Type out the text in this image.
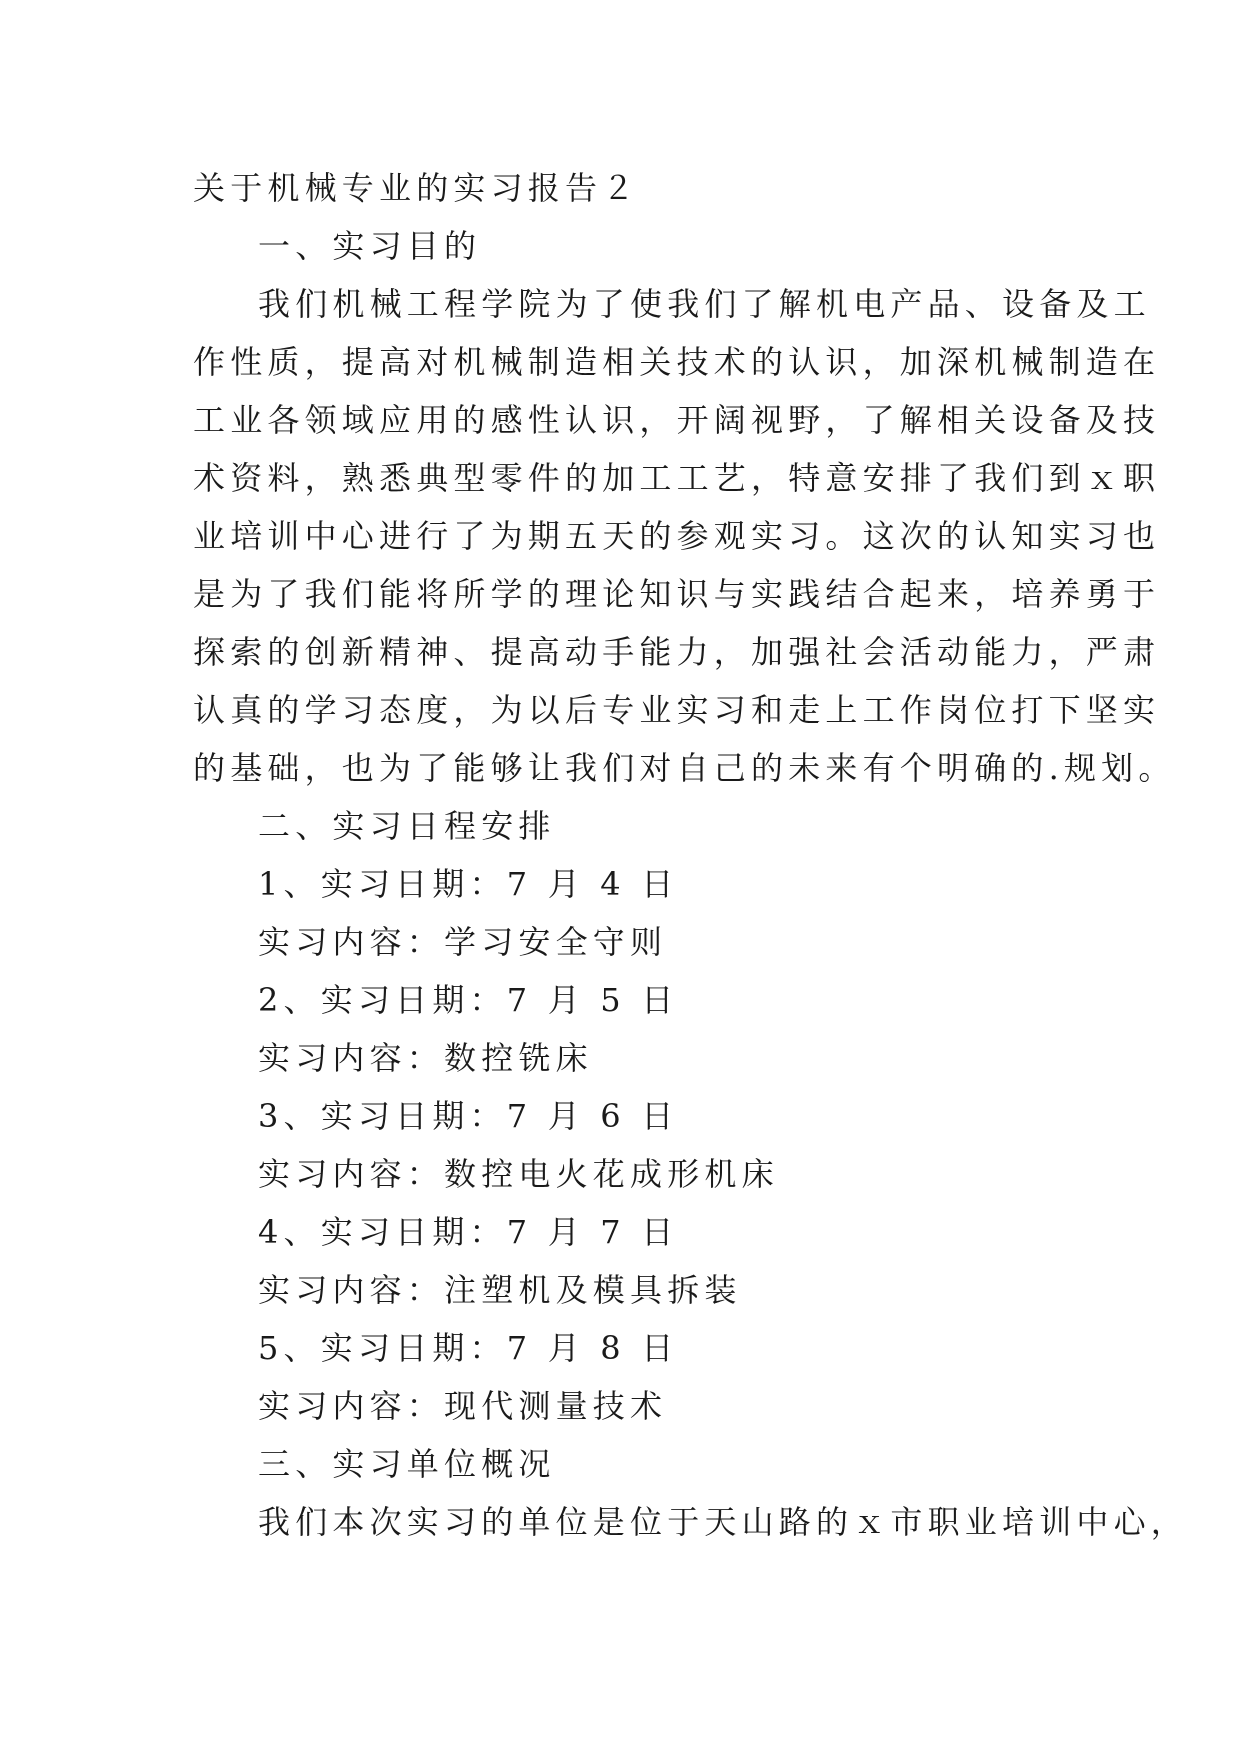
关于机械专业的实习报告２
一、实习目的
我们机械工程学院为了使我们了解机电产品、设备及工
作性质，提高对机械制造相关技术的认识，加深机械制造在
工业各领域应用的感性认识，开阔视野，了解相关设备及技
术资料，熟悉典型零件的加工工艺，特意安排了我们到ｘ职
业培训中心进行了为期五天的参观实习。这次的认知实习也
是为了我们能将所学的理论知识与实践结合起来，培养勇于
探索的创新精神、提高动手能力，加强社会活动能力，严肃
认真的学习态度，为以后专业实习和走上工作岗位打下坚实
的基础，也为了能够让我们对自己的未来有个明确的.规划。
二、实习日程安排
1、实习日期：7 月 4 日
实习内容：学习安全守则
2、实习日期：7 月 5 日
实习内容：数控铣床
3、实习日期：7 月 6 日
实习内容：数控电火花成形机床
4、实习日期：7 月 7 日
实习内容：注塑机及模具拆装
5、实习日期：7 月 8 日
实习内容：现代测量技术
三、实习单位概况
我们本次实习的单位是位于天山路的ｘ市职业培训中心，
